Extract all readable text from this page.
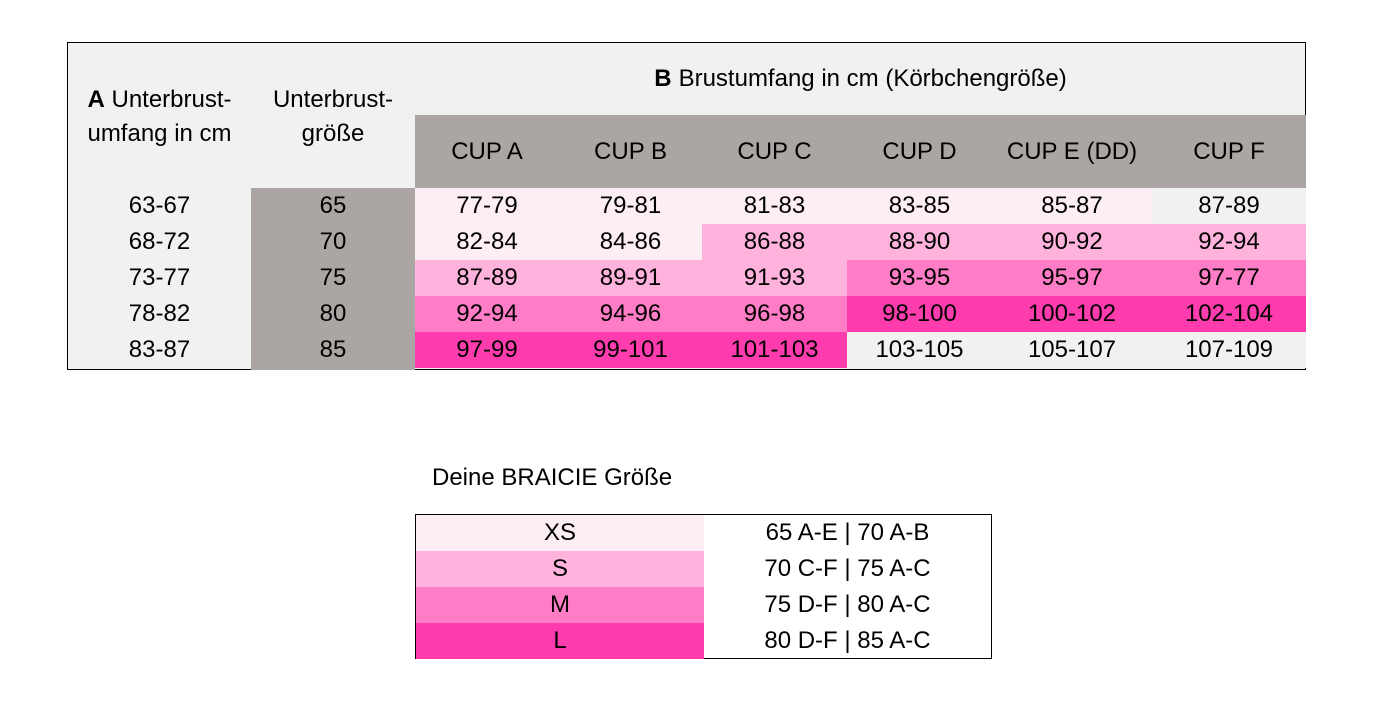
A Unterbrust-
umfang in cm
Unterbrust-
größe
B Brustumfang in cm (Körbchengröße)
CUP A	CUP B	CUP C	CUP D	CUP E (DD)	CUP F
63-67	65	77-79	79-81	81-83	83-85	85-87	87-89
68-72	70	82-84	84-86	86-88	88-90	90-92	92-94
73-77	75	87-89	89-91	91-93	93-95	95-97	97-77
78-82	80	92-94	94-96	96-98	98-100	100-102	102-104
83-87	85	97-99	99-101	101-103	103-105	105-107	107-109
Deine BRAICIE Größe
XS	65 A-E | 70 A-B
S	70 C-F | 75 A-C
M	75 D-F | 80 A-C
L	80 D-F | 85 A-C
